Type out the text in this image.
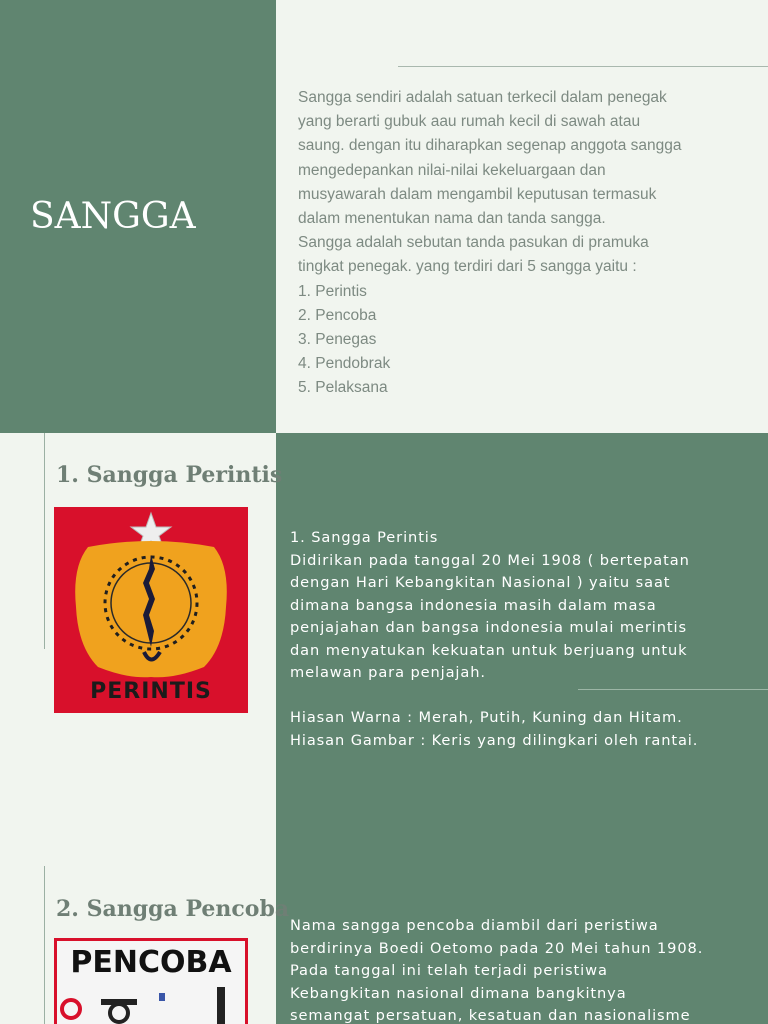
SANGGA

Sangga sendiri adalah satuan terkecil dalam penegak

yang berarti gubuk aau rumah kecil di sawah atau

saung. dengan itu diharapkan segenap anggota sangga

mengedepankan nilai-nilai kekeluargaan dan

musyawarah dalam mengambil keputusan termasuk

dalam menentukan nama dan tanda sangga.

Sangga adalah sebutan tanda pasukan di pramuka

tingkat penegak. yang terdiri dari 5 sangga yaitu :

1. Perintis
2. Pencoba
3. Penegas
4. Pendobrak
5. Pelaksana
1. Sangga Perintis
PERINTIS
1. Sangga Perintis
Didirikan pada tanggal 20 Mei 1908 ( bertepatan
dengan Hari Kebangkitan Nasional ) yaitu saat
dimana bangsa indonesia masih dalam masa
penjajahan dan bangsa indonesia mulai merintis
dan menyatukan kekuatan untuk berjuang untuk
melawan para penjajah.
Hiasan Warna : Merah, Putih, Kuning dan Hitam.
Hiasan Gambar : Keris yang dilingkari oleh rantai.
2. Sangga Pencoba
PENCOBA
Nama sangga pencoba diambil dari peristiwa
berdirinya Boedi Oetomo pada 20 Mei tahun 1908.
Pada tanggal ini telah terjadi peristiwa
Kebangkitan nasional dimana bangkitnya
semangat persatuan, kesatuan dan nasionalisme
